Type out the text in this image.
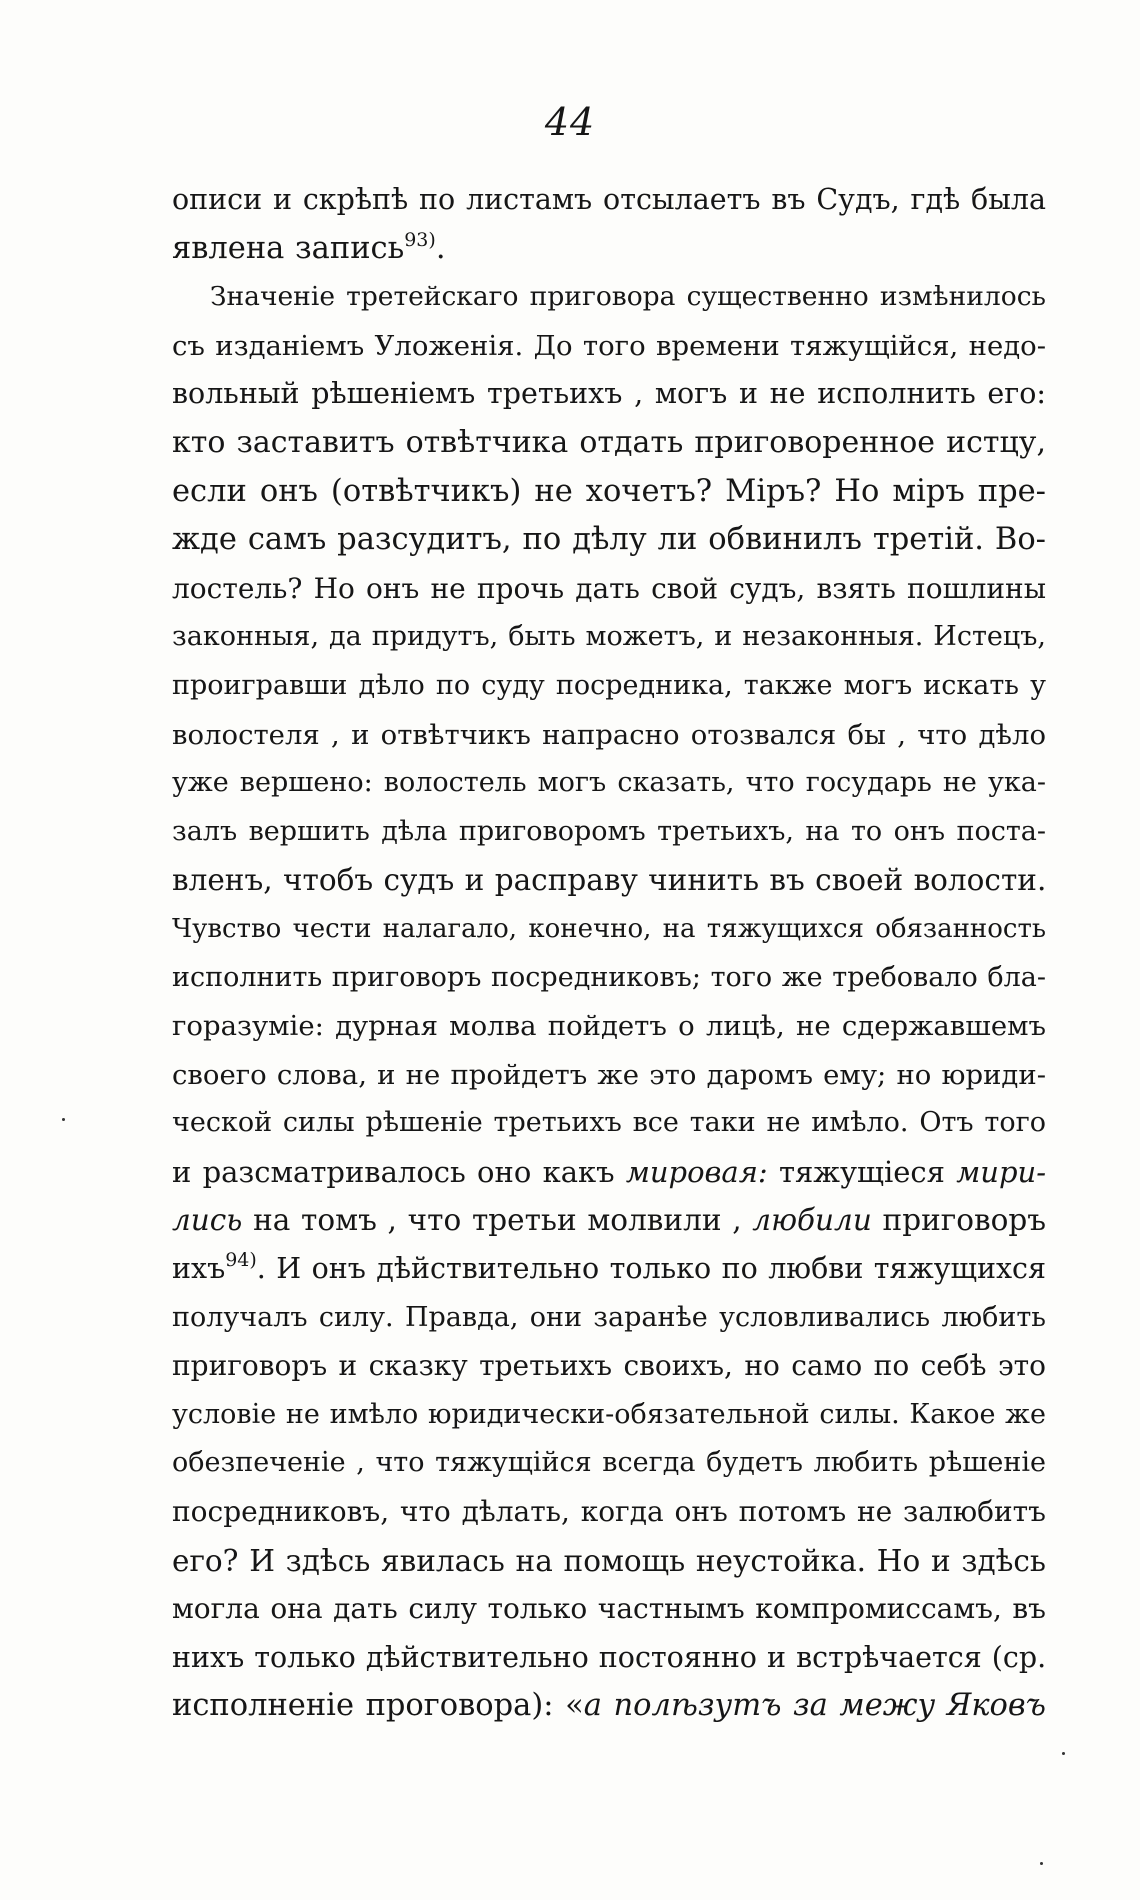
44
описи и скрѣпѣ по листамъ отсылаетъ въ Судъ, гдѣ была
явлена запись$^{93)}$.
Значеніе третейскаго приговора существенно измѣнилось
съ изданіемъ Уложенія. До того времени тяжущійся, недо-
вольный рѣшеніемъ третьихъ , могъ и не исполнить его:
кто заставитъ отвѣтчика отдать приговоренное истцу,
если онъ (отвѣтчикъ) не хочетъ? Міръ? Но міръ пре-
жде самъ разсудитъ, по дѣлу ли обвинилъ третій. Во-
лостель? Но онъ не прочь дать свой судъ, взять пошлины
законныя, да придутъ, быть можетъ, и незаконныя. Истецъ,
проигравши дѣло по суду посредника, также могъ искать у
волостеля , и отвѣтчикъ напрасно отозвался бы , что дѣло
уже вершено: волостель могъ сказать, что государь не ука-
залъ вершить дѣла приговоромъ третьихъ, на то онъ поста-
вленъ, чтобъ судъ и расправу чинить въ своей волости.
Чувство чести налагало, конечно, на тяжущихся обязанность
исполнить приговоръ посредниковъ; того же требовало бла-
горазуміе: дурная молва пойдетъ о лицѣ, не сдержавшемъ
своего слова, и не пройдетъ же это даромъ ему; но юриди-
ческой силы рѣшеніе третьихъ все таки не имѣло. Отъ того
и разсматривалось оно какъ мировая: тяжущіеся мири-
лись на томъ , что третьи молвили , любили приговоръ
ихъ$^{94)}$. И онъ дѣйствительно только по любви тяжущихся
получалъ силу. Правда, они заранѣе условливались любить
приговоръ и сказку третьихъ своихъ, но само по себѣ это
условіе не имѣло юридически-обязательной силы. Какое же
обезпеченіе , что тяжущійся всегда будетъ любить рѣшеніе
посредниковъ, что дѣлать, когда онъ потомъ не залюбитъ
его? И здѣсь явилась на помощь неустойка. Но и здѣсь
могла она дать силу только частнымъ компромиссамъ, въ
нихъ только дѣйствительно постоянно и встрѣчается (ср.
исполненіе проговора): «а полѣзутъ за межу Яковъ
